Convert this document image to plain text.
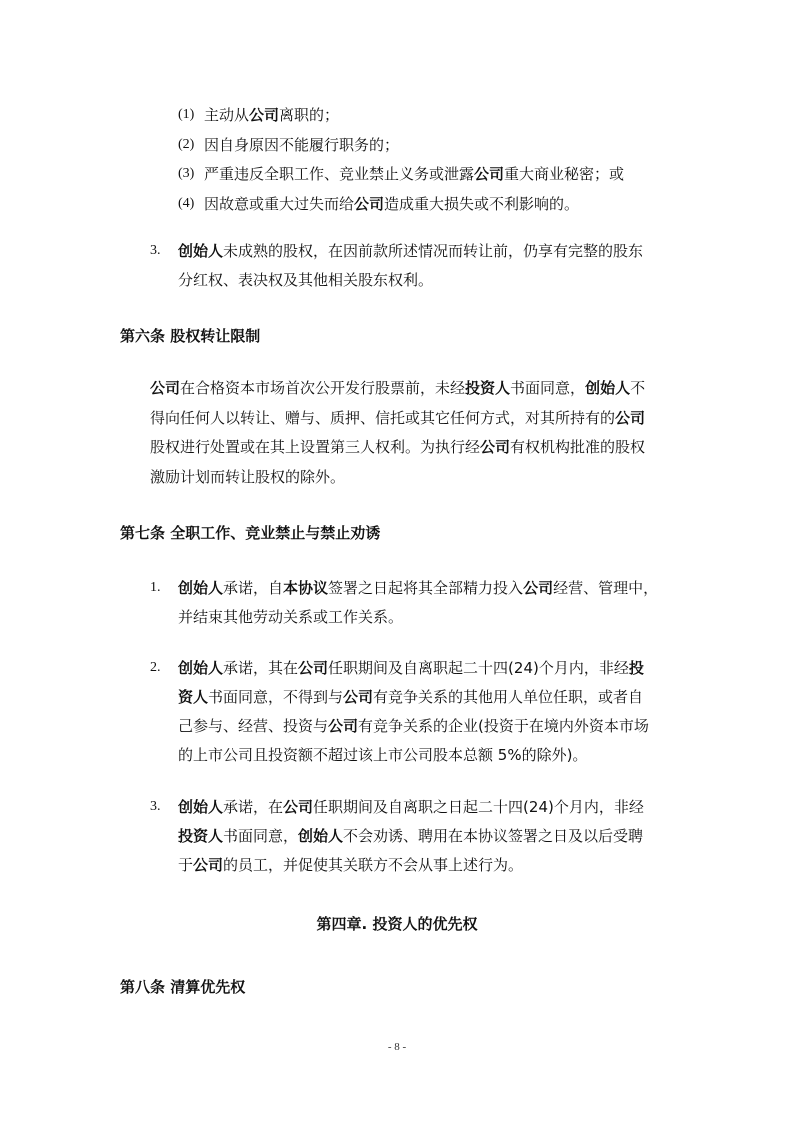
(1) 主动从公司离职的；
(2) 因自身原因不能履行职务的；
(3) 严重违反全职工作、竞业禁止义务或泄露公司重大商业秘密；或
(4) 因故意或重大过失而给公司造成重大损失或不利影响的。
3. 创始人未成熟的股权，在因前款所述情况而转让前，仍享有完整的股东
分红权、表决权及其他相关股东权利。
第六条 股权转让限制
公司在合格资本市场首次公开发行股票前，未经投资人书面同意，创始人不
得向任何人以转让、赠与、质押、信托或其它任何方式，对其所持有的公司
股权进行处置或在其上设置第三人权利。为执行经公司有权机构批准的股权
激励计划而转让股权的除外。
第七条 全职工作、竞业禁止与禁止劝诱
1. 创始人承诺，自本协议签署之日起将其全部精力投入公司经营、管理中，
并结束其他劳动关系或工作关系。
2. 创始人承诺，其在公司任职期间及自离职起二十四(24)个月内，非经投
资人书面同意，不得到与公司有竞争关系的其他用人单位任职，或者自
己参与、经营、投资与公司有竞争关系的企业(投资于在境内外资本市场
的上市公司且投资额不超过该上市公司股本总额 5%的除外)。
3. 创始人承诺，在公司任职期间及自离职之日起二十四(24)个月内，非经
投资人书面同意，创始人不会劝诱、聘用在本协议签署之日及以后受聘
于公司的员工，并促使其关联方不会从事上述行为。
第四章. 投资人的优先权
第八条 清算优先权
- 8 -
